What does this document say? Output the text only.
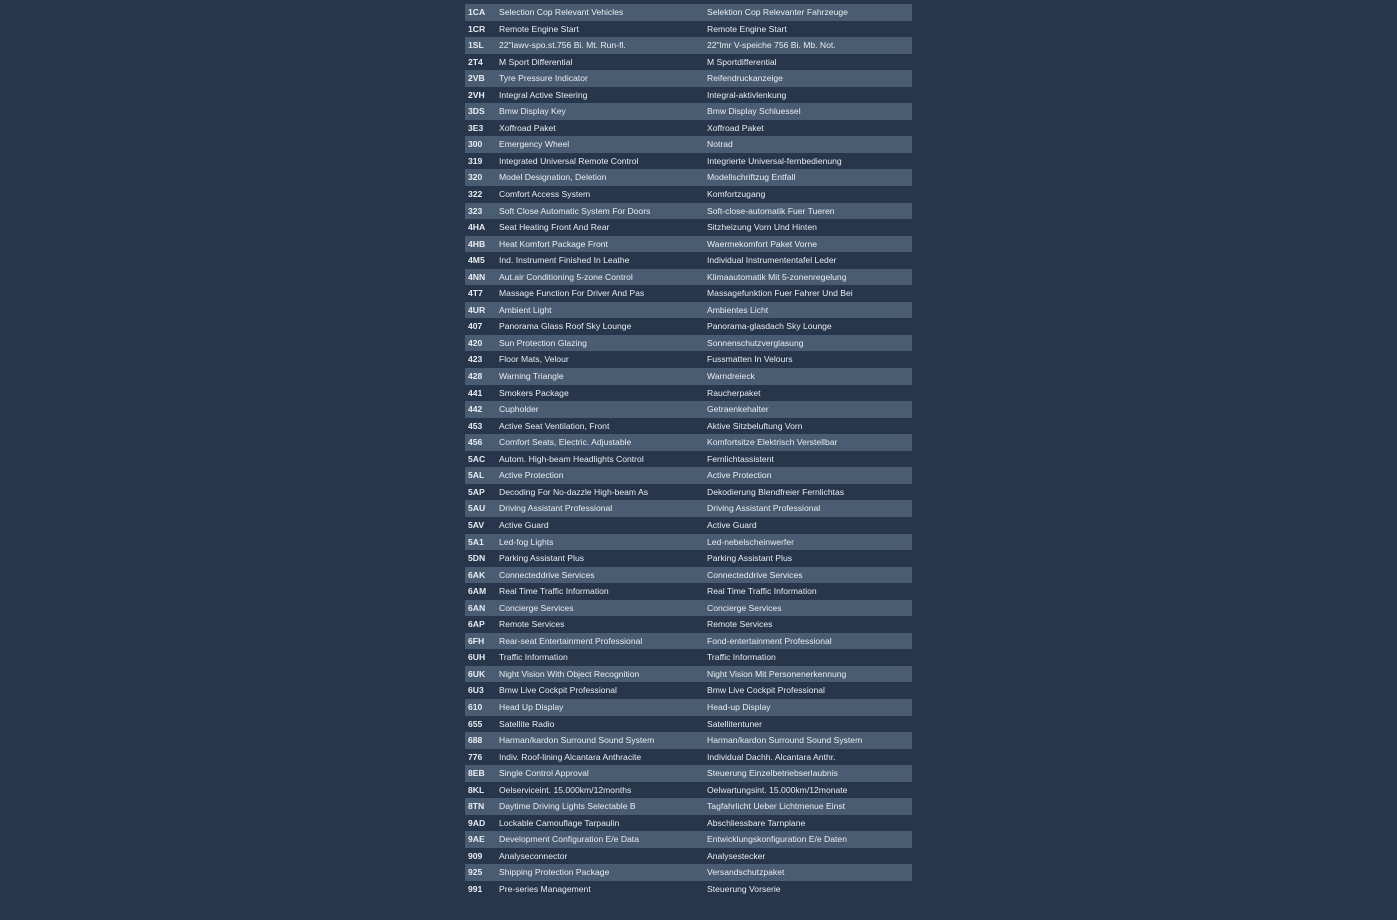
1CA	Selection Cop Relevant Vehicles	Selektion Cop Relevanter Fahrzeuge
1CR	Remote Engine Start	Remote Engine Start
1SL	22"lawv-spo.st.756 Bi. Mt. Run-fl.	22"lmr V-speiche 756 Bi. Mb. Not.
2T4	M Sport Differential	M Sportdifferential
2VB	Tyre Pressure Indicator	Reifendruckanzeige
2VH	Integral Active Steering	Integral-aktivlenkung
3DS	Bmw Display Key	Bmw Display Schluessel
3E3	Xoffroad Paket	Xoffroad Paket
300	Emergency Wheel	Notrad
319	Integrated Universal Remote Control	Integrierte Universal-fernbedienung
320	Model Designation, Deletion	Modellschriftzug Entfall
322	Comfort Access System	Komfortzugang
323	Soft Close Automatic System For Doors	Soft-close-automatik Fuer Tueren
4HA	Seat Heating Front And Rear	Sitzheizung Vorn Und Hinten
4HB	Heat Komfort Package Front	Waermekomfort Paket Vorne
4M5	Ind. Instrument Finished In Leathe	Individual Instrumententafel Leder
4NN	Aut.air Conditioning 5-zone Control	Klimaautomatik Mit 5-zonenregelung
4T7	Massage Function For Driver And Pas	Massagefunktion Fuer Fahrer Und Bei
4UR	Ambient Light	Ambientes Licht
407	Panorama Glass Roof Sky Lounge	Panorama-glasdach Sky Lounge
420	Sun Protection Glazing	Sonnenschutzverglasung
423	Floor Mats, Velour	Fussmatten In Velours
428	Warning Triangle	Warndreieck
441	Smokers Package	Raucherpaket
442	Cupholder	Getraenkehalter
453	Active Seat Ventilation, Front	Aktive Sitzbeluftung Vorn
456	Comfort Seats, Electric. Adjustable	Komfortsitze Elektrisch Verstellbar
5AC	Autom. High-beam Headlights Control	Fernlichtassistent
5AL	Active Protection	Active Protection
5AP	Decoding For No-dazzle High-beam As	Dekodierung Blendfreier Fernlichtas
5AU	Driving Assistant Professional	Driving Assistant Professional
5AV	Active Guard	Active Guard
5A1	Led-fog Lights	Led-nebelscheinwerfer
5DN	Parking Assistant Plus	Parking Assistant Plus
6AK	Connecteddrive Services	Connecteddrive Services
6AM	Real Time Traffic Information	Real Time Traffic Information
6AN	Concierge Services	Concierge Services
6AP	Remote Services	Remote Services
6FH	Rear-seat Entertainment Professional	Fond-entertainment Professional
6UH	Traffic Information	Traffic Information
6UK	Night Vision With Object Recognition	Night Vision Mit Personenerkennung
6U3	Bmw Live Cockpit Professional	Bmw Live Cockpit Professional
610	Head Up Display	Head-up Display
655	Satellite Radio	Satellitentuner
688	Harman/kardon Surround Sound System	Harman/kardon Surround Sound System
776	Indiv. Roof-lining Alcantara Anthracite	Individual Dachh. Alcantara Anthr.
8EB	Single Control Approval	Steuerung Einzelbetriebserlaubnis
8KL	Oelserviceint. 15.000km/12months	Oelwartungsint. 15.000km/12monate
8TN	Daytime Driving Lights Selectable B	Tagfahrlicht Ueber Lichtmenue Einst
9AD	Lockable Camouflage Tarpaulin	Abschliessbare Tarnplane
9AE	Development Configuration E/e Data	Entwicklungskonfiguration E/e Daten
909	Analyseconnector	Analysestecker
925	Shipping Protection Package	Versandschutzpaket
991	Pre-series Management	Steuerung Vorserie
